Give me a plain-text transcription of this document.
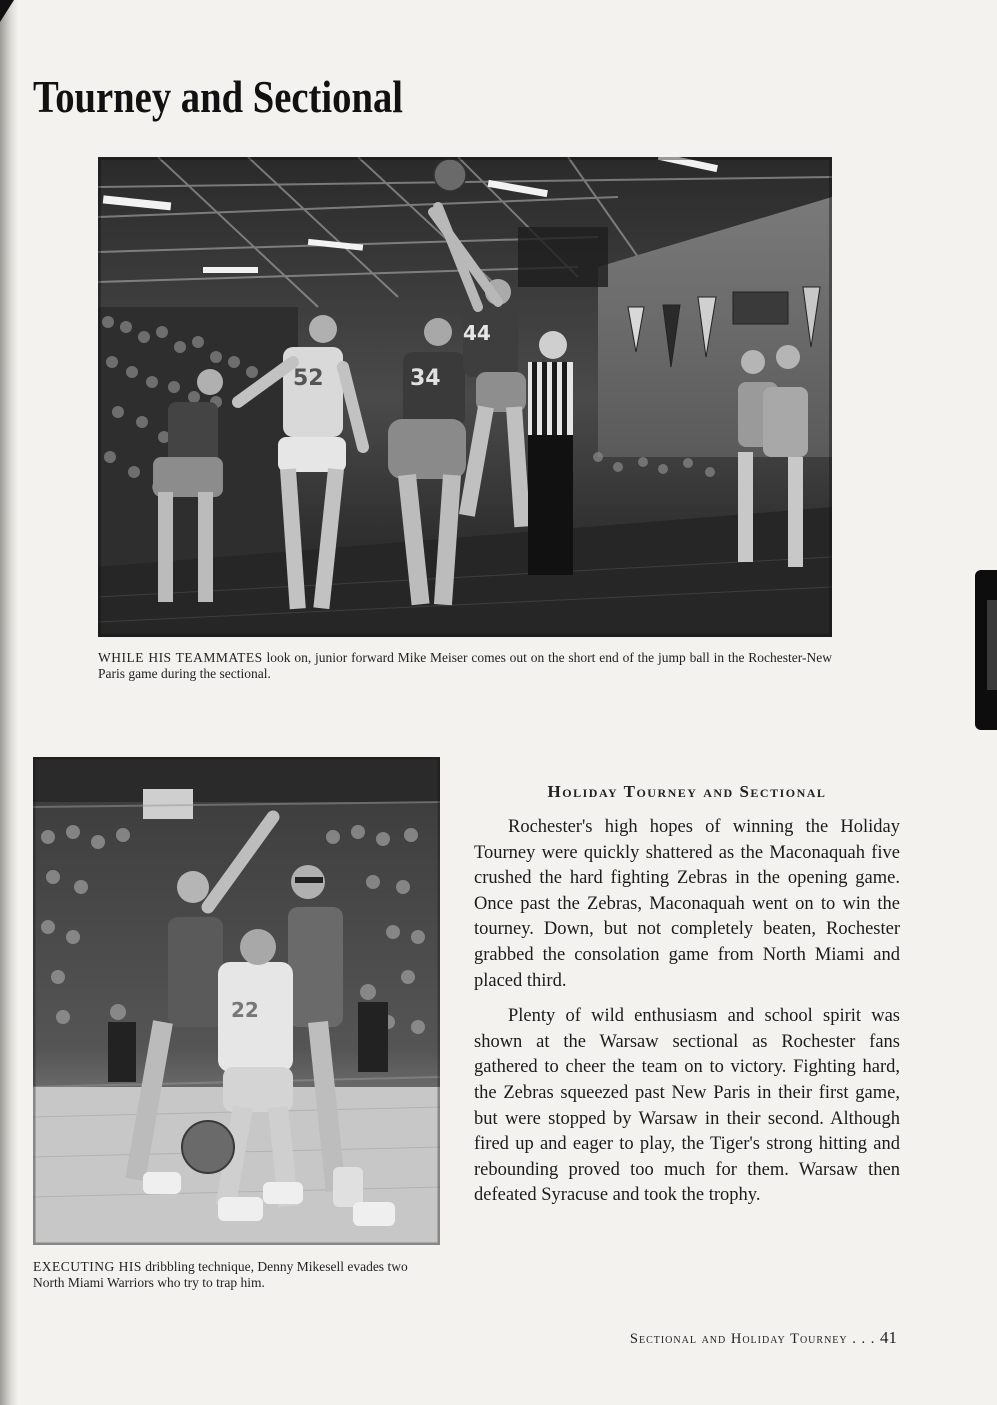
Tourney and Sectional
52	34
44
WHILE HIS TEAMMATES look on, junior forward Mike Meiser comes out on the short end of the jump ball in the Rochester-New Paris game during the sectional.
22
EXECUTING HIS dribbling technique, Denny Mikesell evades two North Miami Warriors who try to trap him.
Holiday Tourney and Sectional

Rochester's high hopes of winning the Holiday Tourney were quickly shattered as the Maconaquah five crushed the hard fighting Zebras in the opening game. Once past the Zebras, Maconaquah went on to win the tourney. Down, but not completely beaten, Rochester grabbed the consolation game from North Miami and placed third.

Plenty of wild enthusiasm and school spirit was shown at the Warsaw sectional as Rochester fans gathered to cheer the team on to victory. Fighting hard, the Zebras squeezed past New Paris in their first game, but were stopped by Warsaw in their second. Although fired up and eager to play, the Tiger's strong hitting and rebounding proved too much for them. Warsaw then defeated Syracuse and took the trophy.

Sectional and Holiday Tourney . . . 41
